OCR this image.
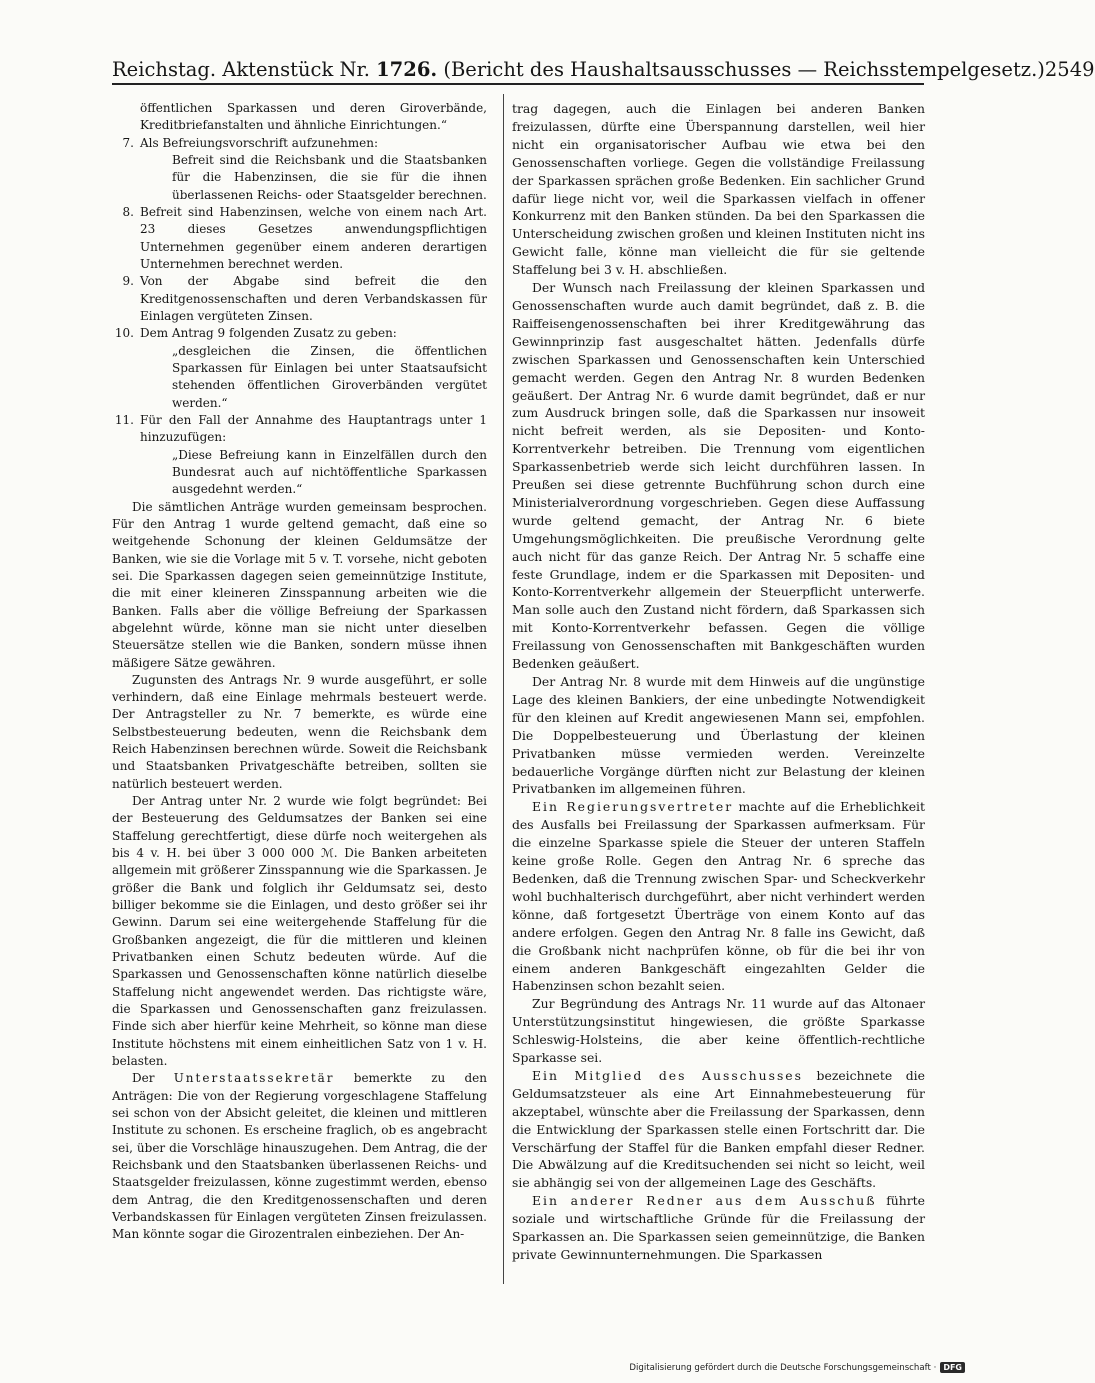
Reichstag. Aktenstück Nr. 1726. (Bericht des Haushaltsausschusses — Reichsstempelgesetz.) 2549

öffentlichen Sparkassen und deren Giroverbände, Kreditbriefanstalten und ähnliche Einrichtungen.“

7. Als Befreiungsvorschrift aufzunehmen:

Befreit sind die Reichsbank und die Staatsbanken für die Habenzinsen, die sie für die ihnen überlassenen Reichs- oder Staatsgelder berechnen.

8. Befreit sind Habenzinsen, welche von einem nach Art. 23 dieses Gesetzes anwendungspflichtigen Unternehmen gegenüber einem anderen derartigen Unternehmen berechnet werden.

9. Von der Abgabe sind befreit die den Kreditgenossenschaften und deren Verbandskassen für Einlagen vergüteten Zinsen.

10. Dem Antrag 9 folgenden Zusatz zu geben:

„desgleichen die Zinsen, die öffentlichen Sparkassen für Einlagen bei unter Staatsaufsicht stehenden öffentlichen Giroverbänden vergütet werden.“

11. Für den Fall der Annahme des Hauptantrags unter 1 hinzuzufügen:

„Diese Befreiung kann in Einzelfällen durch den Bundesrat auch auf nichtöffentliche Sparkassen ausgedehnt werden.“

Die sämtlichen Anträge wurden gemeinsam besprochen. Für den Antrag 1 wurde geltend gemacht, daß eine so weitgehende Schonung der kleinen Geldumsätze der Banken, wie sie die Vorlage mit 5 v. T. vorsehe, nicht geboten sei. Die Sparkassen dagegen seien gemeinnützige Institute, die mit einer kleineren Zinsspannung arbeiten wie die Banken. Falls aber die völlige Befreiung der Sparkassen abgelehnt würde, könne man sie nicht unter dieselben Steuersätze stellen wie die Banken, sondern müsse ihnen mäßigere Sätze gewähren.

Zugunsten des Antrags Nr. 9 wurde ausgeführt, er solle verhindern, daß eine Einlage mehrmals besteuert werde. Der Antragsteller zu Nr. 7 bemerkte, es würde eine Selbstbesteuerung bedeuten, wenn die Reichsbank dem Reich Habenzinsen berechnen würde. Soweit die Reichsbank und Staatsbanken Privatgeschäfte betreiben, sollten sie natürlich besteuert werden.

Der Antrag unter Nr. 2 wurde wie folgt begründet: Bei der Besteuerung des Geldumsatzes der Banken sei eine Staffelung gerechtfertigt, diese dürfe noch weitergehen als bis 4 v. H. bei über 3 000 000 ℳ. Die Banken arbeiteten allgemein mit größerer Zinsspannung wie die Sparkassen. Je größer die Bank und folglich ihr Geldumsatz sei, desto billiger bekomme sie die Einlagen, und desto größer sei ihr Gewinn. Darum sei eine weitergehende Staffelung für die Großbanken angezeigt, die für die mittleren und kleinen Privatbanken einen Schutz bedeuten würde. Auf die Sparkassen und Genossenschaften könne natürlich dieselbe Staffelung nicht angewendet werden. Das richtigste wäre, die Sparkassen und Genossenschaften ganz freizulassen. Finde sich aber hierfür keine Mehrheit, so könne man diese Institute höchstens mit einem einheitlichen Satz von 1 v. H. belasten.

Der Unterstaatssekretär bemerkte zu den Anträgen: Die von der Regierung vorgeschlagene Staffelung sei schon von der Absicht geleitet, die kleinen und mittleren Institute zu schonen. Es erscheine fraglich, ob es angebracht sei, über die Vorschläge hinauszugehen. Dem Antrag, die der Reichsbank und den Staatsbanken überlassenen Reichs- und Staatsgelder freizulassen, könne zugestimmt werden, ebenso dem Antrag, die den Kreditgenossenschaften und deren Verbandskassen für Einlagen vergüteten Zinsen freizulassen. Man könnte sogar die Girozentralen einbeziehen. Der An-

trag dagegen, auch die Einlagen bei anderen Banken freizulassen, dürfte eine Überspannung darstellen, weil hier nicht ein organisatorischer Aufbau wie etwa bei den Genossenschaften vorliege. Gegen die vollständige Freilassung der Sparkassen sprächen große Bedenken. Ein sachlicher Grund dafür liege nicht vor, weil die Sparkassen vielfach in offener Konkurrenz mit den Banken stünden. Da bei den Sparkassen die Unterscheidung zwischen großen und kleinen Instituten nicht ins Gewicht falle, könne man vielleicht die für sie geltende Staffelung bei 3 v. H. abschließen.

Der Wunsch nach Freilassung der kleinen Sparkassen und Genossenschaften wurde auch damit begründet, daß z. B. die Raiffeisengenossenschaften bei ihrer Kreditgewährung das Gewinnprinzip fast ausgeschaltet hätten. Jedenfalls dürfe zwischen Sparkassen und Genossenschaften kein Unterschied gemacht werden. Gegen den Antrag Nr. 8 wurden Bedenken geäußert. Der Antrag Nr. 6 wurde damit begründet, daß er nur zum Ausdruck bringen solle, daß die Sparkassen nur insoweit nicht befreit werden, als sie Depositen- und Konto-Korrentverkehr betreiben. Die Trennung vom eigentlichen Sparkassenbetrieb werde sich leicht durchführen lassen. In Preußen sei diese getrennte Buchführung schon durch eine Ministerialverordnung vorgeschrieben. Gegen diese Auffassung wurde geltend gemacht, der Antrag Nr. 6 biete Umgehungsmöglichkeiten. Die preußische Verordnung gelte auch nicht für das ganze Reich. Der Antrag Nr. 5 schaffe eine feste Grundlage, indem er die Sparkassen mit Depositen- und Konto-Korrentverkehr allgemein der Steuerpflicht unterwerfe. Man solle auch den Zustand nicht fördern, daß Sparkassen sich mit Konto-Korrentverkehr befassen. Gegen die völlige Freilassung von Genossenschaften mit Bankgeschäften wurden Bedenken geäußert.

Der Antrag Nr. 8 wurde mit dem Hinweis auf die ungünstige Lage des kleinen Bankiers, der eine unbedingte Notwendigkeit für den kleinen auf Kredit angewiesenen Mann sei, empfohlen. Die Doppelbesteuerung und Überlastung der kleinen Privatbanken müsse vermieden werden. Vereinzelte bedauerliche Vorgänge dürften nicht zur Belastung der kleinen Privatbanken im allgemeinen führen.

Ein Regierungsvertreter machte auf die Erheblichkeit des Ausfalls bei Freilassung der Sparkassen aufmerksam. Für die einzelne Sparkasse spiele die Steuer der unteren Staffeln keine große Rolle. Gegen den Antrag Nr. 6 spreche das Bedenken, daß die Trennung zwischen Spar- und Scheckverkehr wohl buchhalterisch durchgeführt, aber nicht verhindert werden könne, daß fortgesetzt Überträge von einem Konto auf das andere erfolgen. Gegen den Antrag Nr. 8 falle ins Gewicht, daß die Großbank nicht nachprüfen könne, ob für die bei ihr von einem anderen Bankgeschäft eingezahlten Gelder die Habenzinsen schon bezahlt seien.

Zur Begründung des Antrags Nr. 11 wurde auf das Altonaer Unterstützungsinstitut hingewiesen, die größte Sparkasse Schleswig-Holsteins, die aber keine öffentlich-rechtliche Sparkasse sei.

Ein Mitglied des Ausschusses bezeichnete die Geldumsatzsteuer als eine Art Einnahmebesteuerung für akzeptabel, wünschte aber die Freilassung der Sparkassen, denn die Entwicklung der Sparkassen stelle einen Fortschritt dar. Die Verschärfung der Staffel für die Banken empfahl dieser Redner. Die Abwälzung auf die Kreditsuchenden sei nicht so leicht, weil sie abhängig sei von der allgemeinen Lage des Geschäfts.

Ein anderer Redner aus dem Ausschuß führte soziale und wirtschaftliche Gründe für die Freilassung der Sparkassen an. Die Sparkassen seien gemeinnützige, die Banken private Gewinnunternehmungen. Die Sparkassen

Digitalisierung gefördert durch die Deutsche Forschungsgemeinschaft · DFG
